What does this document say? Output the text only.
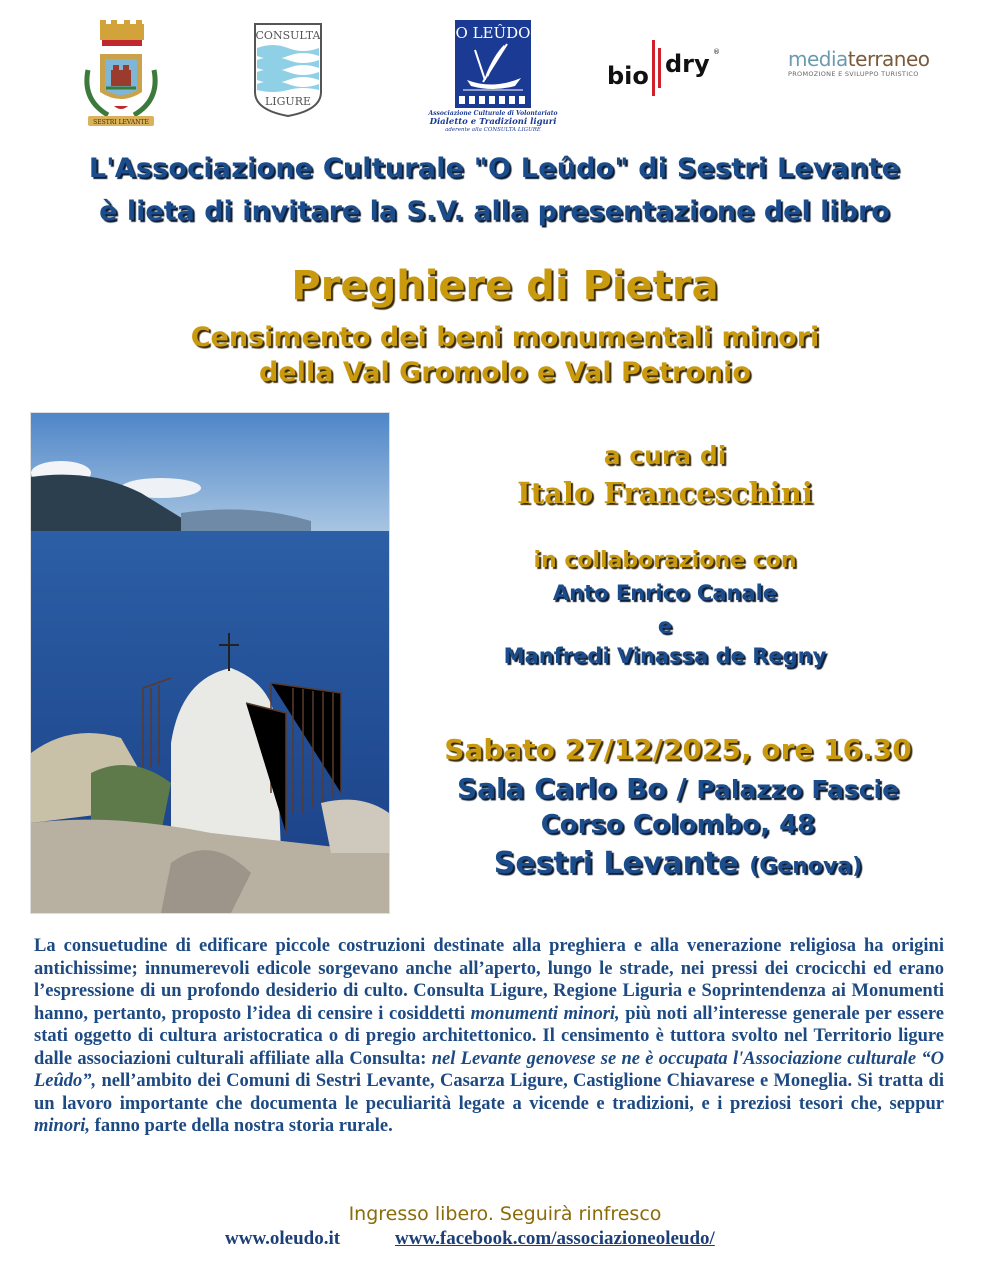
SESTRI LEVANTE
CONSULTA
LIGURE
O LEÛDO
Associazione Culturale di Volontariato
Dialetto e Tradizioni liguri
aderente alla CONSULTA LIGURE
bio dry ®	mediaterraneo
PROMOZIONE E SVILUPPO TURISTICO
L'Associazione Culturale "O Leûdo" di Sestri Levante
è lieta di invitare la S.V. alla presentazione del libro
Preghiere di Pietra
Censimento dei beni monumentali minori
della Val Gromolo e Val Petronio
a cura di
Italo Franceschini
in collaborazione con
Anto Enrico Canale
e
Manfredi Vinassa de Regny
Sabato 27/12/2025, ore 16.30
Sala Carlo Bo / Palazzo Fascie
Corso Colombo, 48
Sestri Levante (Genova)

La consuetudine di edificare piccole costruzioni destinate alla preghiera e alla venerazione religiosa ha origini antichissime; innumerevoli edicole sorgevano anche all’aperto, lungo le strade, nei pressi dei crocicchi ed erano l’espressione di un profondo desiderio di culto. Consulta Ligure, Regione Liguria e Soprintendenza ai Monumenti hanno, pertanto, proposto l’idea di censire i cosiddetti monumenti minori, più noti all’interesse generale per essere stati oggetto di cultura aristocratica o di pregio architettonico. Il censimento è tuttora svolto nel Territorio ligure dalle associazioni culturali affiliate alla Consulta: nel Levante genovese se ne è occupata l'Associazione culturale “O Leûdo”, nell’ambito dei Comuni di Sestri Levante, Casarza Ligure, Castiglione Chiavarese e Moneglia. Si tratta di un lavoro importante che documenta le peculiarità legate a vicende e tradizioni, e i preziosi tesori che, seppur minori, fanno parte della nostra storia rurale.

Ingresso libero. Seguirà rinfresco
www.oleudo.it	www.facebook.com/associazioneoleudo/
